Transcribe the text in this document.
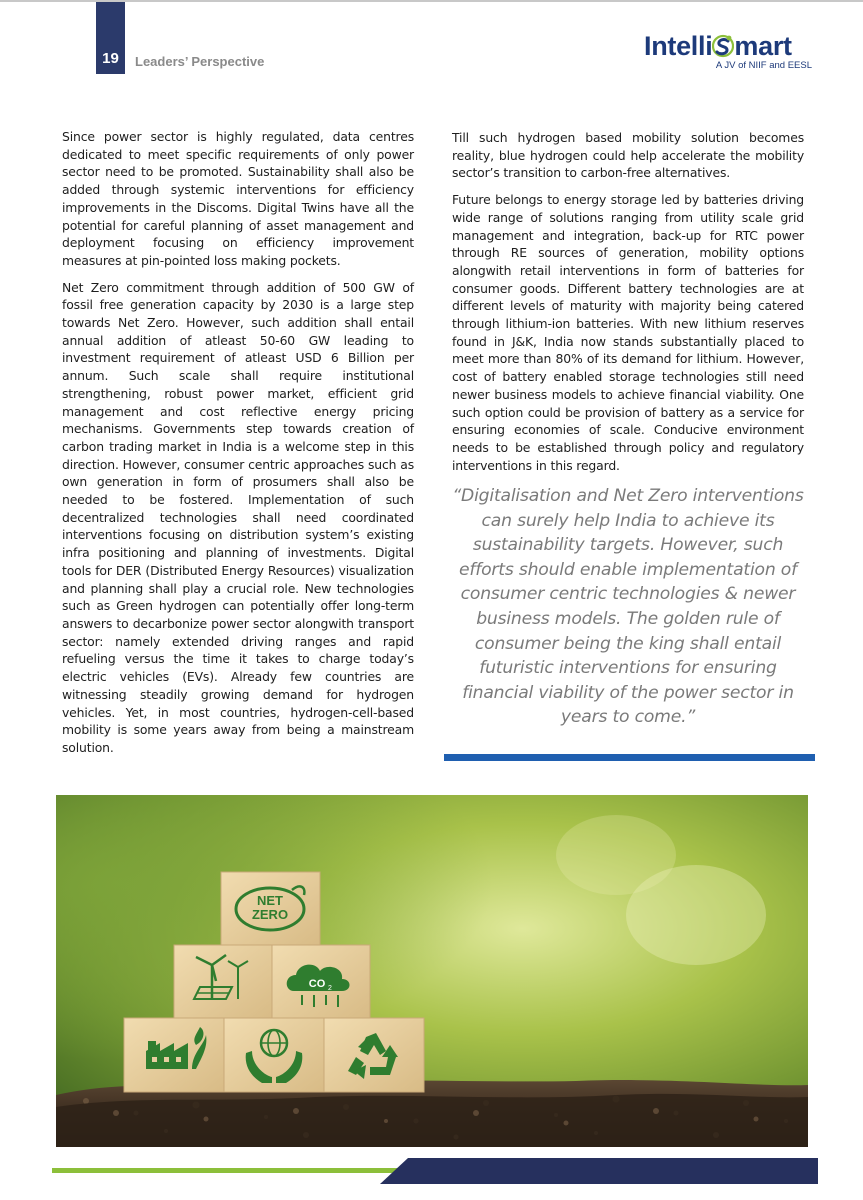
19 Leaders’ Perspective
Intelli mart
A JV of NIIF and EESL

Since power sector is highly regulated, data centres dedicated to meet specific requirements of only power sector need to be promoted. Sustainability shall also be added through systemic interventions for efficiency improvements in the Discoms. Digital Twins have all the potential for careful planning of asset management and deployment focusing on efficiency improvement measures at pin-pointed loss making pockets.

Net Zero commitment through addition of 500 GW of fossil free generation capacity by 2030 is a large step towards Net Zero. However, such addition shall entail annual addition of atleast 50-60 GW leading to investment requirement of atleast USD 6 Billion per annum. Such scale shall require institutional strengthening, robust power market, efficient grid management and cost reflective energy pricing mechanisms. Governments step towards creation of carbon trading market in India is a welcome step in this direction. However, consumer centric approaches such as own generation in form of prosumers shall also be needed to be fostered. Implementation of such decentralized technologies shall need coordinated interventions focusing on distribution system’s existing infra positioning and planning of investments. Digital tools for DER (Distributed Energy Resources) visualization and planning shall play a crucial role. New technologies such as Green hydrogen can potentially offer long-term answers to decarbonize power sector alongwith transport sector: namely extended driving ranges and rapid refueling versus the time it takes to charge today’s electric vehicles (EVs). Already few countries are witnessing steadily growing demand for hydrogen vehicles. Yet, in most countries, hydrogen-cell-based mobility is some years away from being a mainstream solution.

Till such hydrogen based mobility solution becomes reality, blue hydrogen could help accelerate the mobility sector’s transition to carbon-free alternatives.

Future belongs to energy storage led by batteries driving wide range of solutions ranging from utility scale grid management and integration, back-up for RTC power through RE sources of generation, mobility options alongwith retail interventions in form of batteries for consumer goods. Different battery technologies are at different levels of maturity with majority being catered through lithium-ion batteries. With new lithium reserves found in J&K, India now stands substantially placed to meet more than 80% of its demand for lithium. However, cost of battery enabled storage technologies still need newer business models to achieve financial viability. One such option could be provision of battery as a service for ensuring economies of scale. Conducive environment needs to be established through policy and regulatory interventions in this regard.

“Digitalisation and Net Zero interventions can surely help India to achieve its sustainability targets. However, such efforts should enable implementation of consumer centric technologies & newer business models. The golden rule of consumer being the king shall entail futuristic interventions for ensuring financial viability of the power sector in years to come.”
NET
ZERO
CO 2
